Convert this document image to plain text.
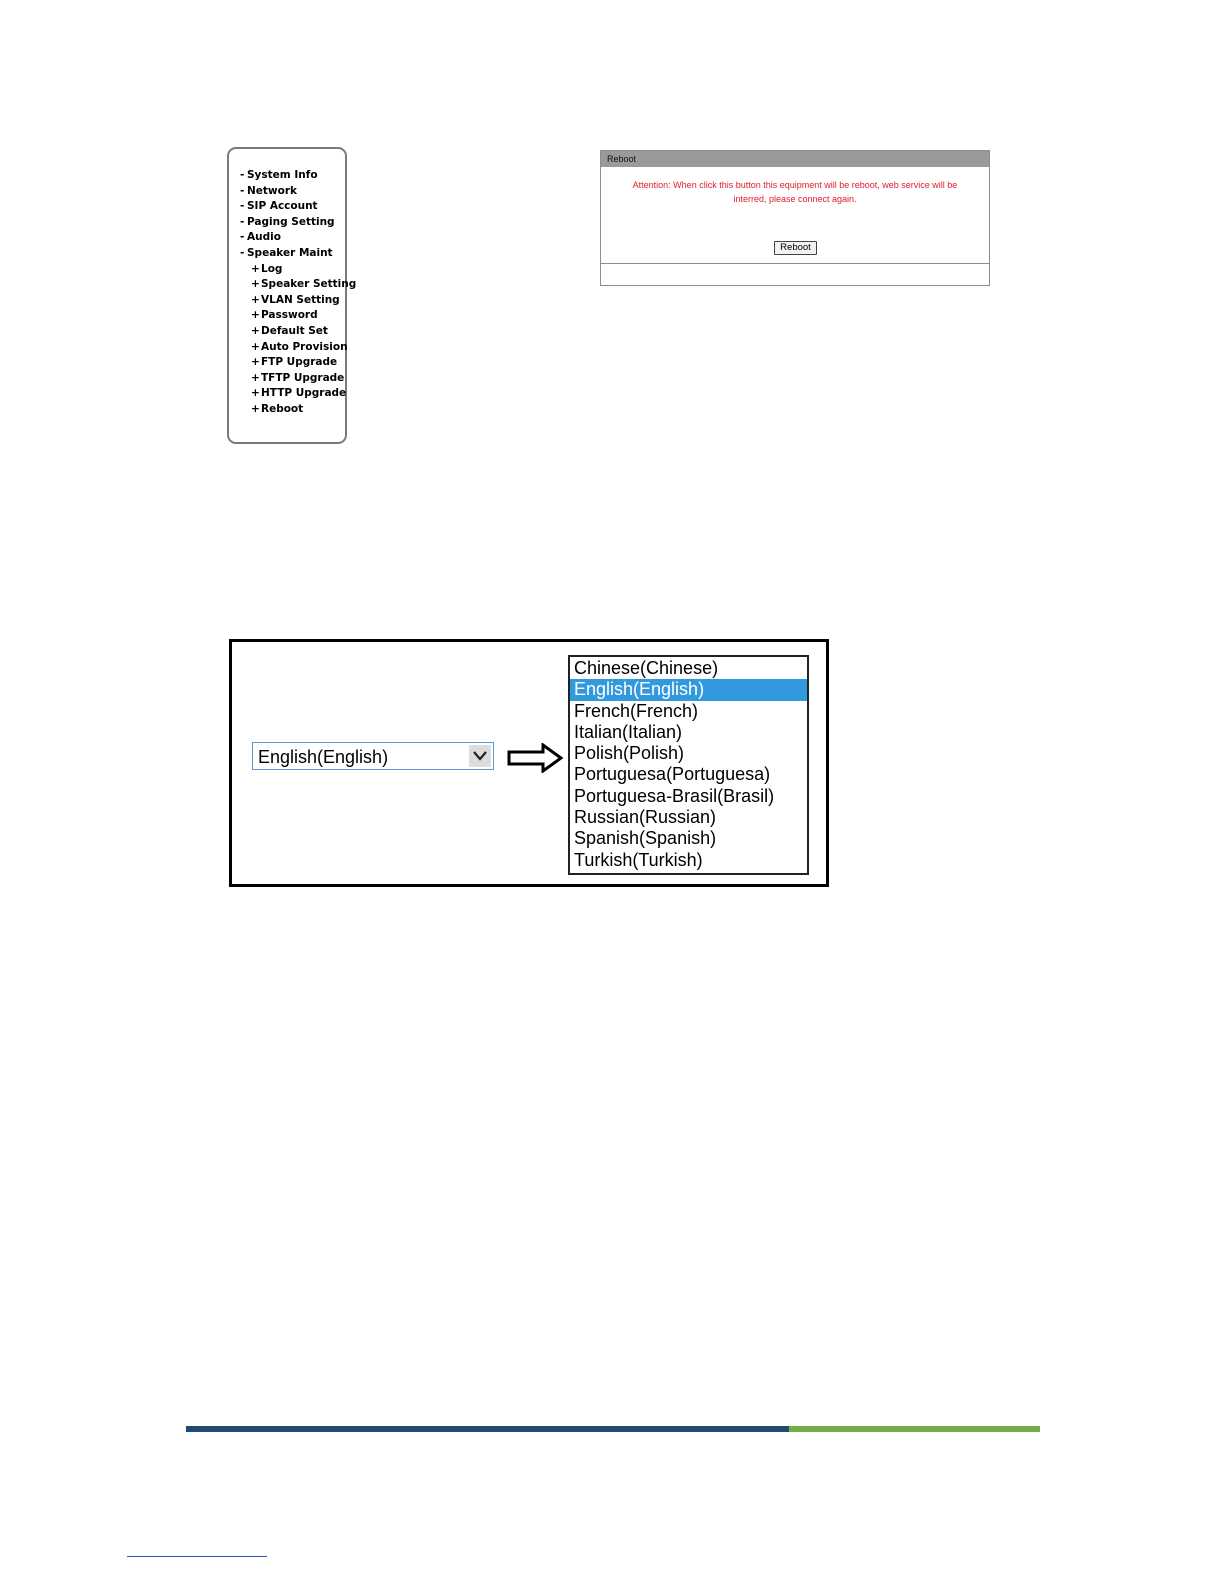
- System Info
- Network
- SIP Account
- Paging Setting
- Audio
- Speaker Maint
+Log
+Speaker Setting
+VLAN Setting
+Password
+Default Set
+Auto Provision
+FTP Upgrade
+TFTP Upgrade
+HTTP Upgrade
+Reboot
Reboot
Attention: When click this button this equipment will be reboot, web service will be interred, please connect again.
Reboot
English(English)
Chinese(Chinese)
English(English)
French(French)
Italian(Italian)
Polish(Polish)
Portuguesa(Portuguesa)
Portuguesa-Brasil(Brasil)
Russian(Russian)
Spanish(Spanish)
Turkish(Turkish)
